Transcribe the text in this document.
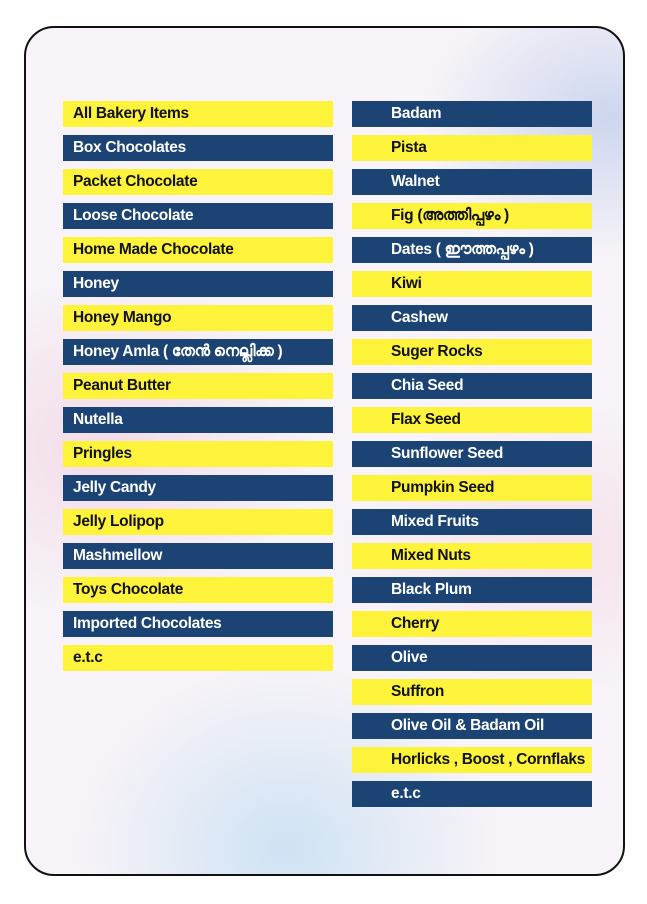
All Bakery Items
Box Chocolates
Packet Chocolate
Loose Chocolate
Home Made Chocolate
Honey
Honey Mango
Honey Amla ( തേൻ നെല്ലിക്ക )
Peanut Butter
Nutella
Pringles
Jelly Candy
Jelly Lolipop
Mashmellow
Toys Chocolate
Imported Chocolates
e.t.c
Badam
Pista
Walnet
Fig (അത്തിപ്പഴം )
Dates ( ഈത്തപ്പഴം )
Kiwi
Cashew
Suger Rocks
Chia Seed
Flax Seed
Sunflower Seed
Pumpkin Seed
Mixed Fruits
Mixed Nuts
Black Plum
Cherry
Olive
Suffron
Olive Oil & Badam Oil
Horlicks , Boost , Cornflaks
e.t.c
